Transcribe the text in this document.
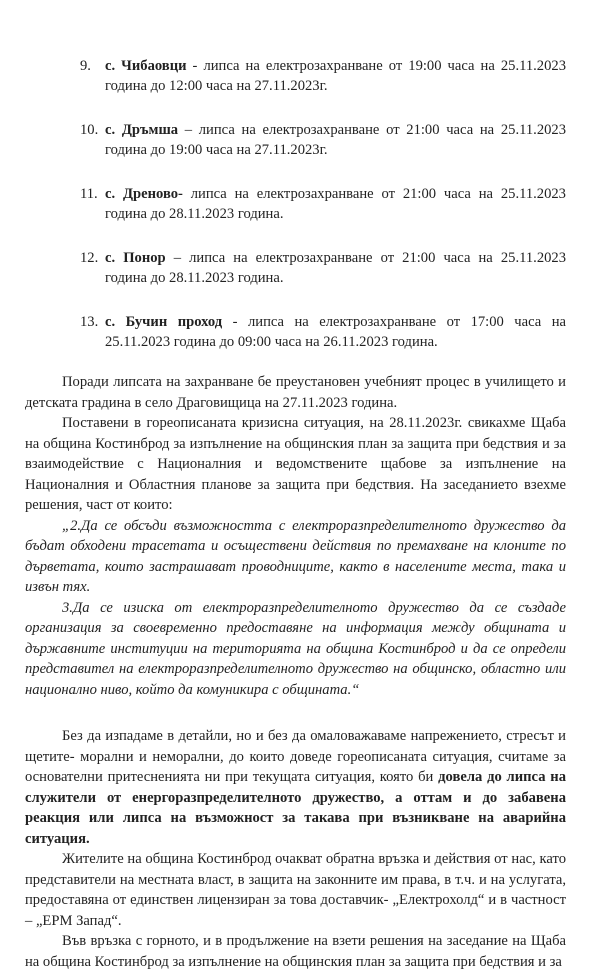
9. с. Чибаовци - липса на електрозахранване от 19:00 часа на 25.11.2023 година до 12:00 часа на 27.11.2023г.
10. с. Дръмша – липса на електрозахранване от 21:00 часа на 25.11.2023 година до 19:00 часа на 27.11.2023г.
11. с. Дреново- липса на електрозахранване от 21:00 часа на 25.11.2023 година до 28.11.2023 година.
12. с. Понор – липса на електрозахранване от 21:00 часа на 25.11.2023 година до 28.11.2023 година.
13. с. Бучин проход - липса на електрозахранване от 17:00 часа на 25.11.2023 година до 09:00 часа на 26.11.2023 година.

Поради липсата на захранване бе преустановен учебният процес в училището и детската градина в село Драговищица на 27.11.2023 година.

Поставени в гореописаната кризисна ситуация, на 28.11.2023г. свикахме Щаба на община Костинброд за изпълнение на общинския план за защита при бедствия и за взаимодействие с Националния и ведомствените щабове за изпълнение на Националния и Областния планове за защита при бедствия. На заседанието взехме решения, част от които:

„2.Да се обсъди възможността с електроразпределителното дружество да бъдат обходени трасетата и осъществени действия по премахване на клоните по дърветата, които застрашават проводниците, както в населените места, така и извън тях.

3.Да се изиска от електроразпределителното дружество да се създаде организация за своевременно предоставяне на информация между общината и държавните институции на територията на община Костинброд и да се определи представител на електроразпределителното дружество на общинско, областно или национално ниво, който да комуникира с общината.“

Без да изпадаме в детайли, но и без да омаловажаваме напрежението, стресът и щетите- морални и неморални, до които доведе гореописаната ситуация, считаме за основателни притесненията ни при текущата ситуация, която би довела до липса на служители от енергоразпределителното дружество, а оттам и до забавена реакция или липса на възможност за такава при възникване на аварийна ситуация.

Жителите на община Костинброд очакват обратна връзка и действия от нас, като представители на местната власт, в защита на законните им права, в т.ч. и на услугата, предоставяна от единствен лицензиран за това доставчик- „Електрохолд“ и в частност – „ЕРМ Запад“.

Във връзка с горното, и в продължение на взети решения на заседание на Щаба на община Костинброд за изпълнение на общинския план за защита при бедствия и за
